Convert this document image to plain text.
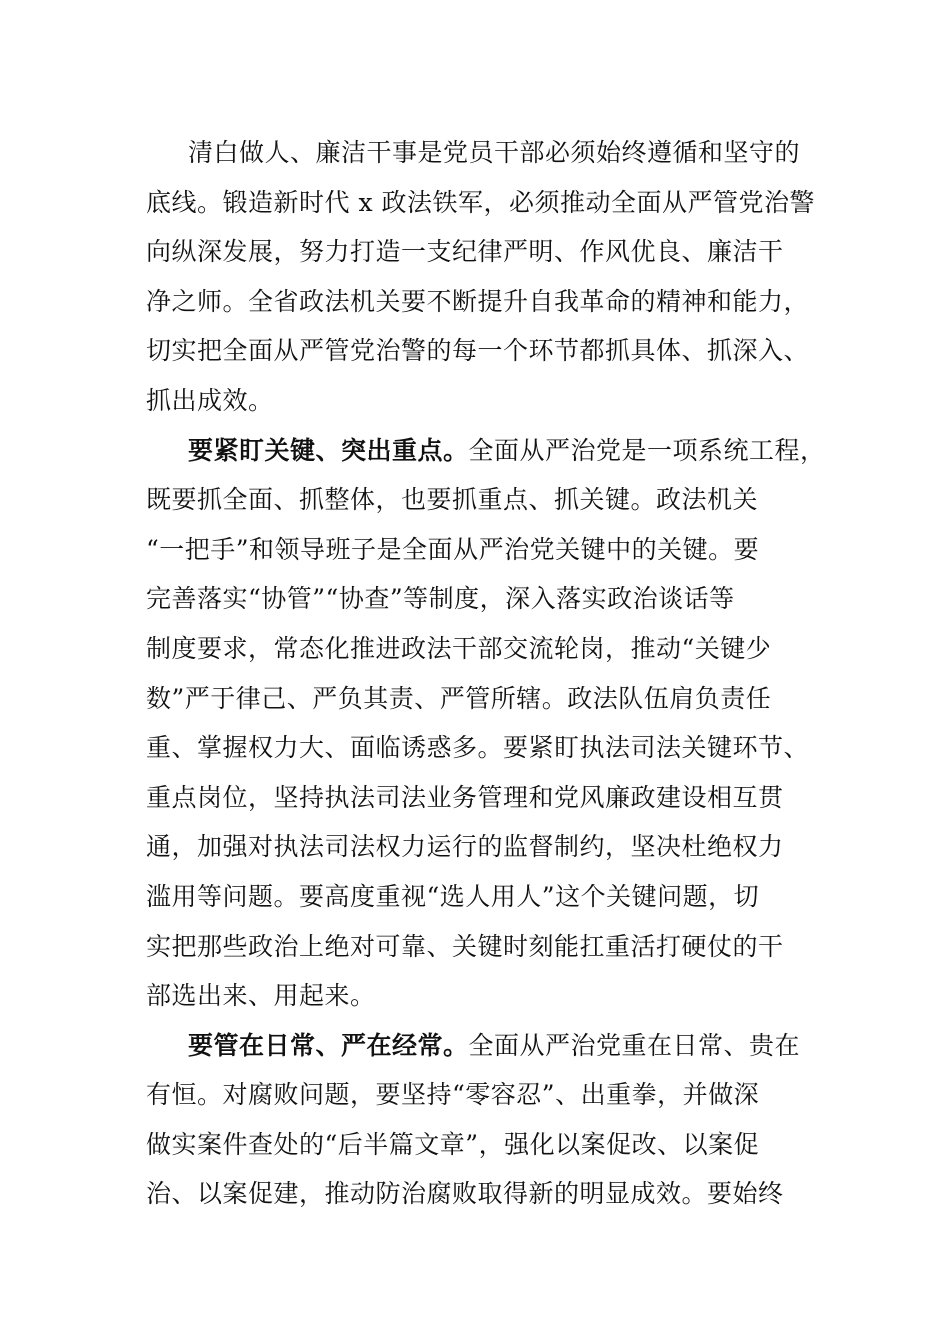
清白做人、廉洁干事是党员干部必须始终遵循和坚守的
底线。锻造新时代 x 政法铁军，必须推动全面从严管党治警
向纵深发展，努力打造一支纪律严明、作风优良、廉洁干
净之师。全省政法机关要不断提升自我革命的精神和能力，
切实把全面从严管党治警的每一个环节都抓具体、抓深入、
抓出成效。
要紧盯关键、突出重点。全面从严治党是一项系统工程，
既要抓全面、抓整体，也要抓重点、抓关键。政法机关
“一把手”和领导班子是全面从严治党关键中的关键。要
完善落实“协管”“协查”等制度，深入落实政治谈话等
制度要求，常态化推进政法干部交流轮岗，推动“关键少
数”严于律己、严负其责、严管所辖。政法队伍肩负责任
重、掌握权力大、面临诱惑多。要紧盯执法司法关键环节、
重点岗位，坚持执法司法业务管理和党风廉政建设相互贯
通，加强对执法司法权力运行的监督制约，坚决杜绝权力
滥用等问题。要高度重视“选人用人”这个关键问题，切
实把那些政治上绝对可靠、关键时刻能扛重活打硬仗的干
部选出来、用起来。
要管在日常、严在经常。全面从严治党重在日常、贵在
有恒。对腐败问题，要坚持“零容忍”、出重拳，并做深
做实案件查处的“后半篇文章”，强化以案促改、以案促
治、以案促建，推动防治腐败取得新的明显成效。要始终
